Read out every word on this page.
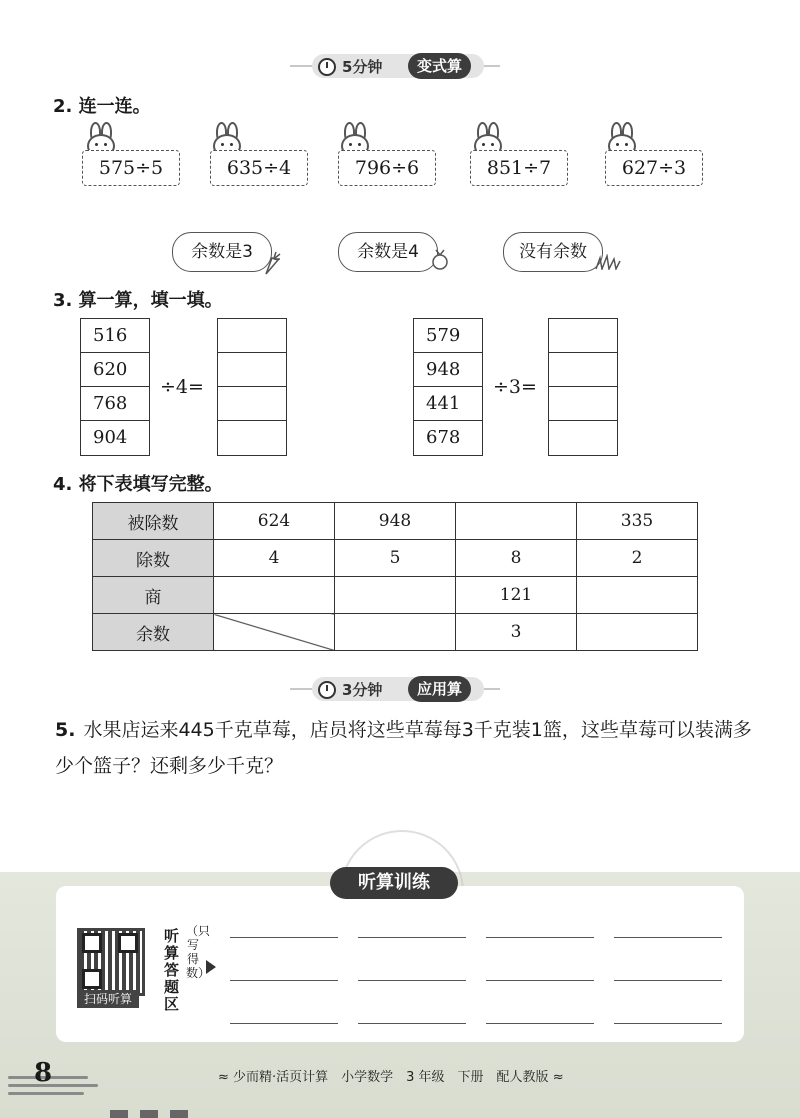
5分钟	变式算
2. 连一连。
575÷5	635÷4	796÷6	851÷7	627÷3
余数是3	余数是4	没有余数
3. 算一算，填一填。
516
620
768
904
÷4=
579
948
441
678
÷3=
4. 将下表填写完整。
被除数	624	948		335
除数	4	5	8	2
商			121	
余数			3	
3分钟	应用算
5. 水果店运来445千克草莓，店员将这些草莓每3千克装1篮，这些草莓可以装满多少个篮子？还剩多少千克？
听算训练
扫码听算
听算答题区
（只写得数）
8	≈ 少而精·活页计算　小学数学　3 年级　下册　配人教版 ≈
